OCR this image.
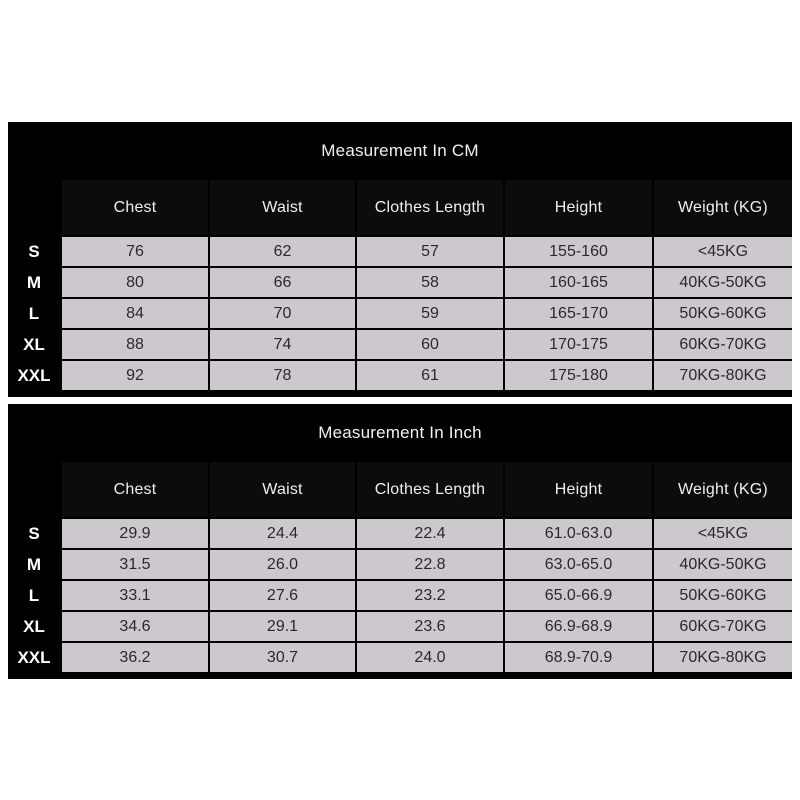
Measurement In CM
Chest	Waist	Clothes Length	Height	Weight (KG)
S	76	62	57	155-160	<45KG
M	80	66	58	160-165	40KG-50KG
L	84	70	59	165-170	50KG-60KG
XL	88	74	60	170-175	60KG-70KG
XXL	92	78	61	175-180	70KG-80KG
Measurement In Inch
Chest	Waist	Clothes Length	Height	Weight (KG)
S	29.9	24.4	22.4	61.0-63.0	<45KG
M	31.5	26.0	22.8	63.0-65.0	40KG-50KG
L	33.1	27.6	23.2	65.0-66.9	50KG-60KG
XL	34.6	29.1	23.6	66.9-68.9	60KG-70KG
XXL	36.2	30.7	24.0	68.9-70.9	70KG-80KG
